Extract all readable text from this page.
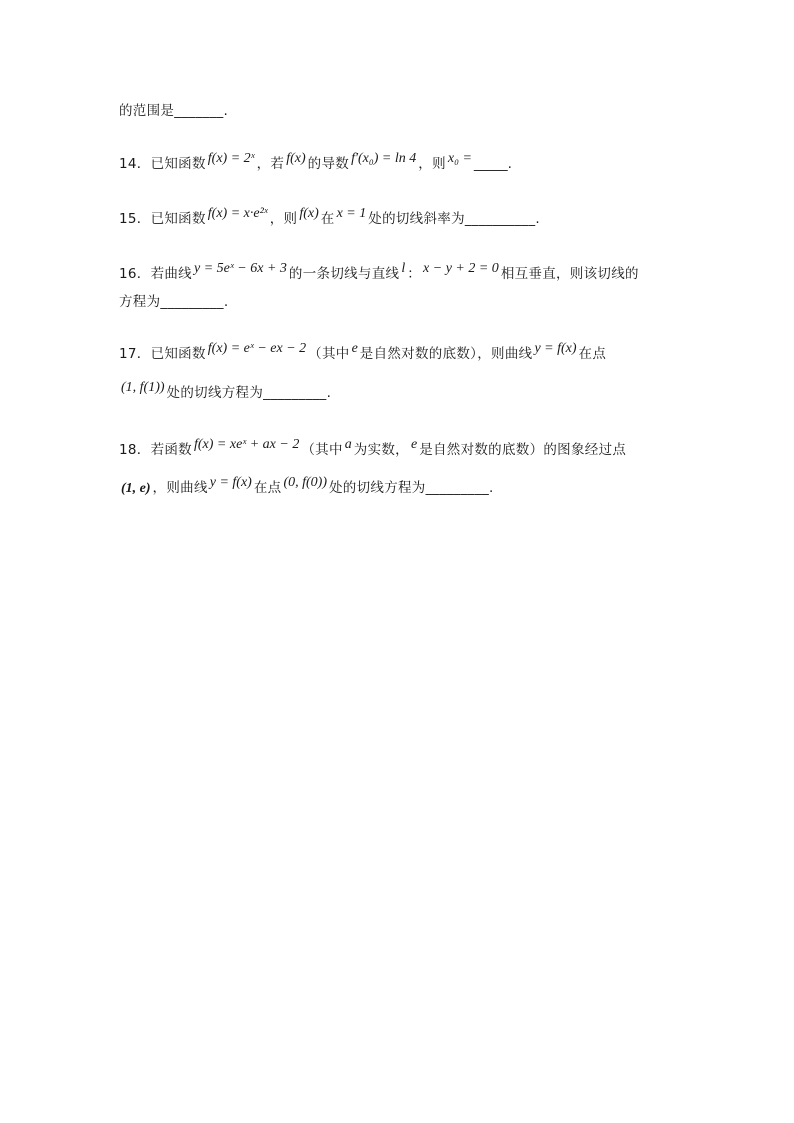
的范围是_______.
14．已知函数 f(x) = 2ˣ ，若 f(x) 的导数 f′(x₀) = ln 4 ，则 x₀ = _____.
15．已知函数 f(x) = x·e²ˣ ，则 f(x) 在 x = 1 处的切线斜率为__________.
16．若曲线 y = 5eˣ − 6x + 3 的一条切线与直线 l ： x − y + 2 = 0 相互垂直，则该切线的
方程为_________.
17．已知函数 f(x) = eˣ − ex − 2 （其中 e 是自然对数的底数），则曲线 y = f(x) 在点
(1, f(1)) 处的切线方程为_________.
18．若函数 f(x) = xeˣ + ax − 2 （其中 a 为实数， e 是自然对数的底数）的图象经过点
(1, e) ，则曲线 y = f(x) 在点 (0, f(0)) 处的切线方程为_________.
